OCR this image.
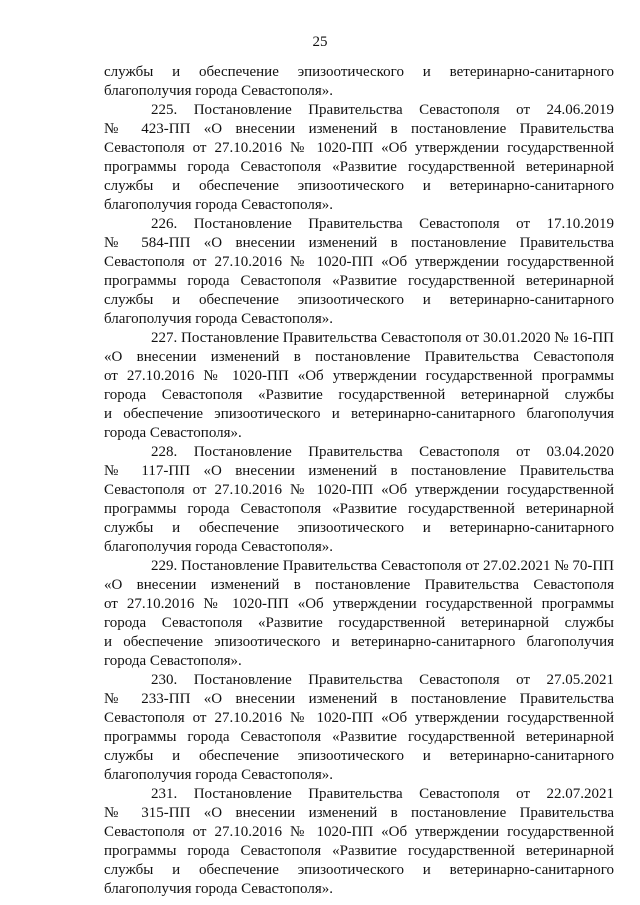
25
службы и обеспечение эпизоотического и ветеринарно-санитарного
благополучия города Севастополя».
225. Постановление Правительства Севастополя от 24.06.2019
№ 423-ПП «О внесении изменений в постановление Правительства
Севастополя от 27.10.2016 № 1020-ПП «Об утверждении государственной
программы города Севастополя «Развитие государственной ветеринарной
службы и обеспечение эпизоотического и ветеринарно-санитарного
благополучия города Севастополя».
226. Постановление Правительства Севастополя от 17.10.2019
№ 584-ПП «О внесении изменений в постановление Правительства
Севастополя от 27.10.2016 № 1020-ПП «Об утверждении государственной
программы города Севастополя «Развитие государственной ветеринарной
службы и обеспечение эпизоотического и ветеринарно-санитарного
благополучия города Севастополя».
227. Постановление Правительства Севастополя от 30.01.2020 № 16-ПП
«О внесении изменений в постановление Правительства Севастополя
от 27.10.2016 № 1020-ПП «Об утверждении государственной программы
города Севастополя «Развитие государственной ветеринарной службы
и обеспечение эпизоотического и ветеринарно-санитарного благополучия
города Севастополя».
228. Постановление Правительства Севастополя от 03.04.2020
№ 117-ПП «О внесении изменений в постановление Правительства
Севастополя от 27.10.2016 № 1020-ПП «Об утверждении государственной
программы города Севастополя «Развитие государственной ветеринарной
службы и обеспечение эпизоотического и ветеринарно-санитарного
благополучия города Севастополя».
229. Постановление Правительства Севастополя от 27.02.2021 № 70-ПП
«О внесении изменений в постановление Правительства Севастополя
от 27.10.2016 № 1020-ПП «Об утверждении государственной программы
города Севастополя «Развитие государственной ветеринарной службы
и обеспечение эпизоотического и ветеринарно-санитарного благополучия
города Севастополя».
230. Постановление Правительства Севастополя от 27.05.2021
№ 233-ПП «О внесении изменений в постановление Правительства
Севастополя от 27.10.2016 № 1020-ПП «Об утверждении государственной
программы города Севастополя «Развитие государственной ветеринарной
службы и обеспечение эпизоотического и ветеринарно-санитарного
благополучия города Севастополя».
231. Постановление Правительства Севастополя от 22.07.2021
№ 315-ПП «О внесении изменений в постановление Правительства
Севастополя от 27.10.2016 № 1020-ПП «Об утверждении государственной
программы города Севастополя «Развитие государственной ветеринарной
службы и обеспечение эпизоотического и ветеринарно-санитарного
благополучия города Севастополя».
